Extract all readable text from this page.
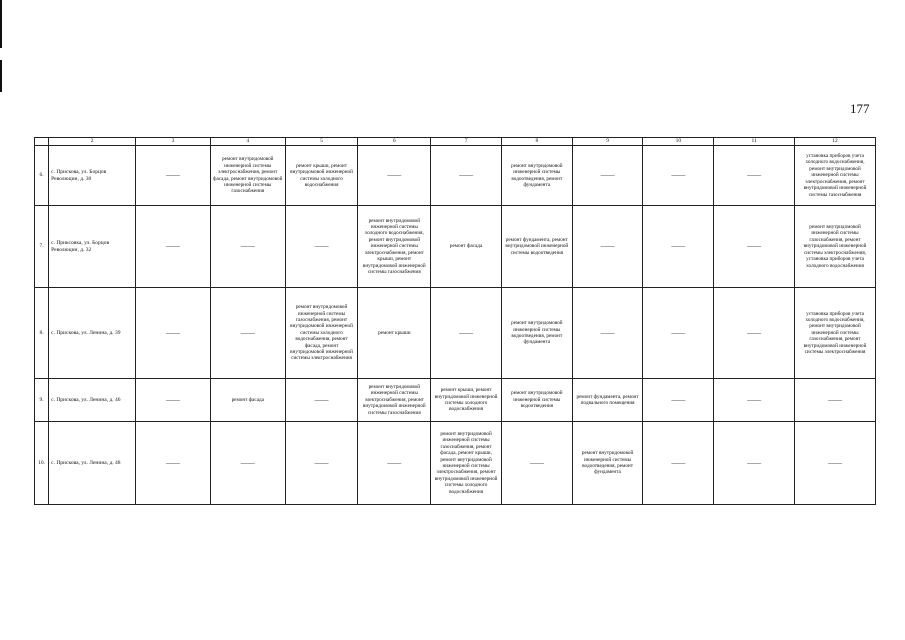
177
	2	3	4	5	6	7	8	9	10	11	12
6.	с. Прискова, ул. Борцов Революции, д. 30	——	ремонт внутридомовой инженерной системы электроснабжения, ремонт фасада, ремонт внутридомовой инженерной системы газоснабжения	ремонт крыши, ремонт внутридомовой инженерной системы холодного водоснабжения	——	——	ремонт внутридомовой инженерной системы водоотведения, ремонт фундамента	——	——	——	установка приборов учета холодного водоснабжения, ремонт внутридомовой инженерной системы электроснабжения, ремонт внутридомовой инженерной системы газоснабжения
7.	с. Приксовка, ул. Борцов Революции, д. 32	——	——	——	ремонт внутридомовой инженерной системы холодного водоснабжения, ремонт внутридомовой инженерной системы электроснабжения, ремонт крыши, ремонт внутридомовой инженерной системы газоснабжения	ремонт фасада	ремонт фундамента, ремонт внутридомовой инженерной системы водоотведения	——	——	——	ремонт внутридомовой инженерной системы газоснабжения, ремонт внутридомовой инженерной системы электроснабжения, установка приборов учета холодного водоснабжения
8.	с. Прискова, ул. Ленина, д. 39	——	——	ремонт внутридомовой инженерной системы газоснабжения, ремонт внутридомовой инженерной системы холодного водоснабжения, ремонт фасада, ремонт внутридомовой инженерной системы электроснабжения	ремонт крыши	——	ремонт внутридомовой инженерной системы водоотведения, ремонт фундамента	——	——	——	установка приборов учета холодного водоснабжения, ремонт внутридомовой инженерной системы газоснабжения, ремонт внутридомовой инженерной системы электроснабжения
9.	с. Прискова, ул. Ленина, д. 46	——	ремонт фасада	——	ремонт внутридомовой инженерной системы электроснабжения, ремонт внутридомовой инженерной системы газоснабжения	ремонт крыши, ремонт внутридомовой инженерной системы холодного водоснабжения	ремонт внутридомовой инженерной системы водоотведения	ремонт фундамента, ремонт подвального помещения	——	——	——
10.	с. Прискова, ул. Ленина, д. 48	——	——	——	——	ремонт внутридомовой инженерной системы газоснабжения, ремонт фасада, ремонт крыши, ремонт внутридомовой инженерной системы электроснабжения, ремонт внутридомовой инженерной системы холодного водоснабжения	——	ремонт внутридомовой инженерной системы водоотведения, ремонт фундамента	——	——	——
